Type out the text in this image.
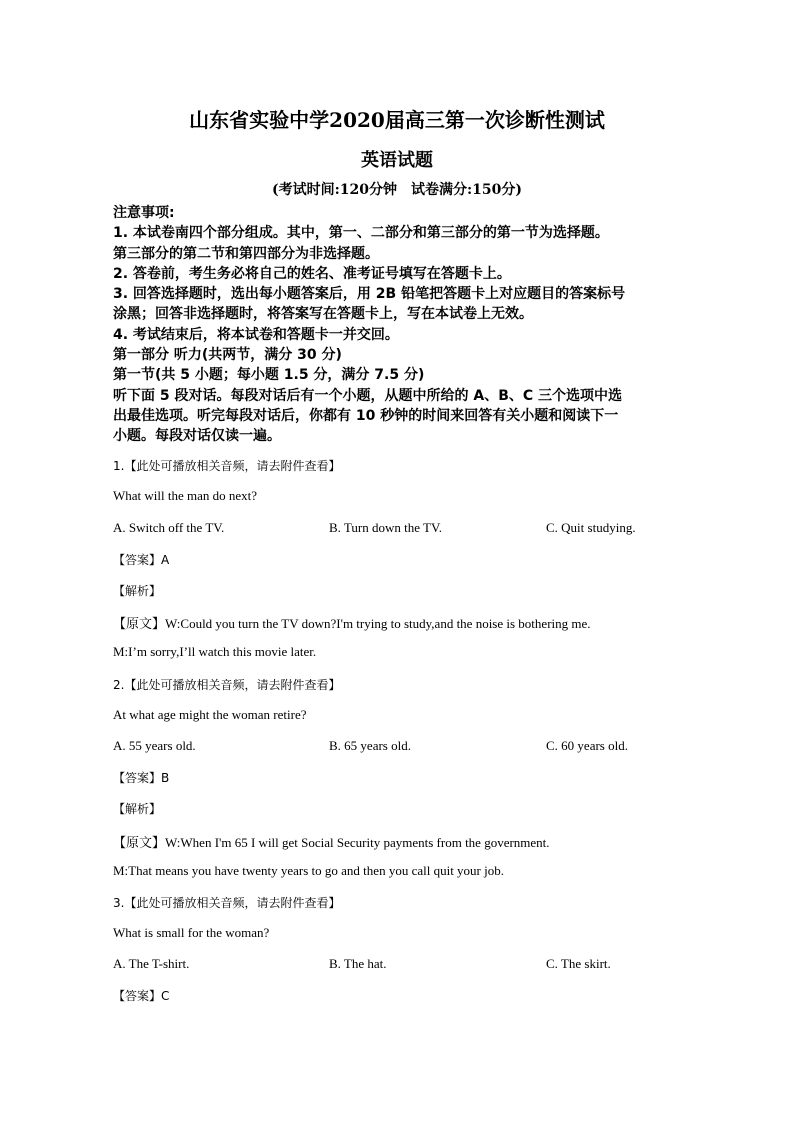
山东省实验中学2020届高三第一次诊断性测试
英语试题
(考试时间:120分钟　试卷满分:150分)
注意事项:
1. 本试卷南四个部分组成。其中，第一、二部分和第三部分的第一节为选择题。
第三部分的第二节和第四部分为非选择题。
2. 答卷前，考生务必将自己的姓名、准考证号填写在答题卡上。
3. 回答选择题时，选出每小题答案后，用 2B 铅笔把答题卡上对应题目的答案标号
涂黑；回答非选择题时，将答案写在答题卡上，写在本试卷上无效。
4. 考试结束后，将本试卷和答题卡一并交回。
第一部分 听力(共两节，满分 30 分)
第一节(共 5 小题；每小题 1.5 分，满分 7.5 分)
听下面 5 段对话。每段对话后有一个小题，从题中所给的 A、B、C 三个选项中选
出最佳选项。听完每段对话后，你都有 10 秒钟的时间来回答有关小题和阅读下一
小题。每段对话仅读一遍。
1.【此处可播放相关音频，请去附件查看】
What will the man do next?
A. Switch off the TV.	B. Turn down the TV.	C. Quit studying.
【答案】A
【解析】
【原文】W:Could you turn the TV down?I'm trying to study,and the noise is bothering me.
M:I’m sorry,I’ll watch this movie later.
2.【此处可播放相关音频，请去附件查看】
At what age might the woman retire?
A. 55 years old.	B. 65 years old.	C. 60 years old.
【答案】B
【解析】
【原文】W:When I'm 65 I will get Social Security payments from the government.
M:That means you have twenty years to go and then you call quit your job.
3.【此处可播放相关音频，请去附件查看】
What is small for the woman?
A. The T-shirt.	B. The hat.	C. The skirt.
【答案】C
